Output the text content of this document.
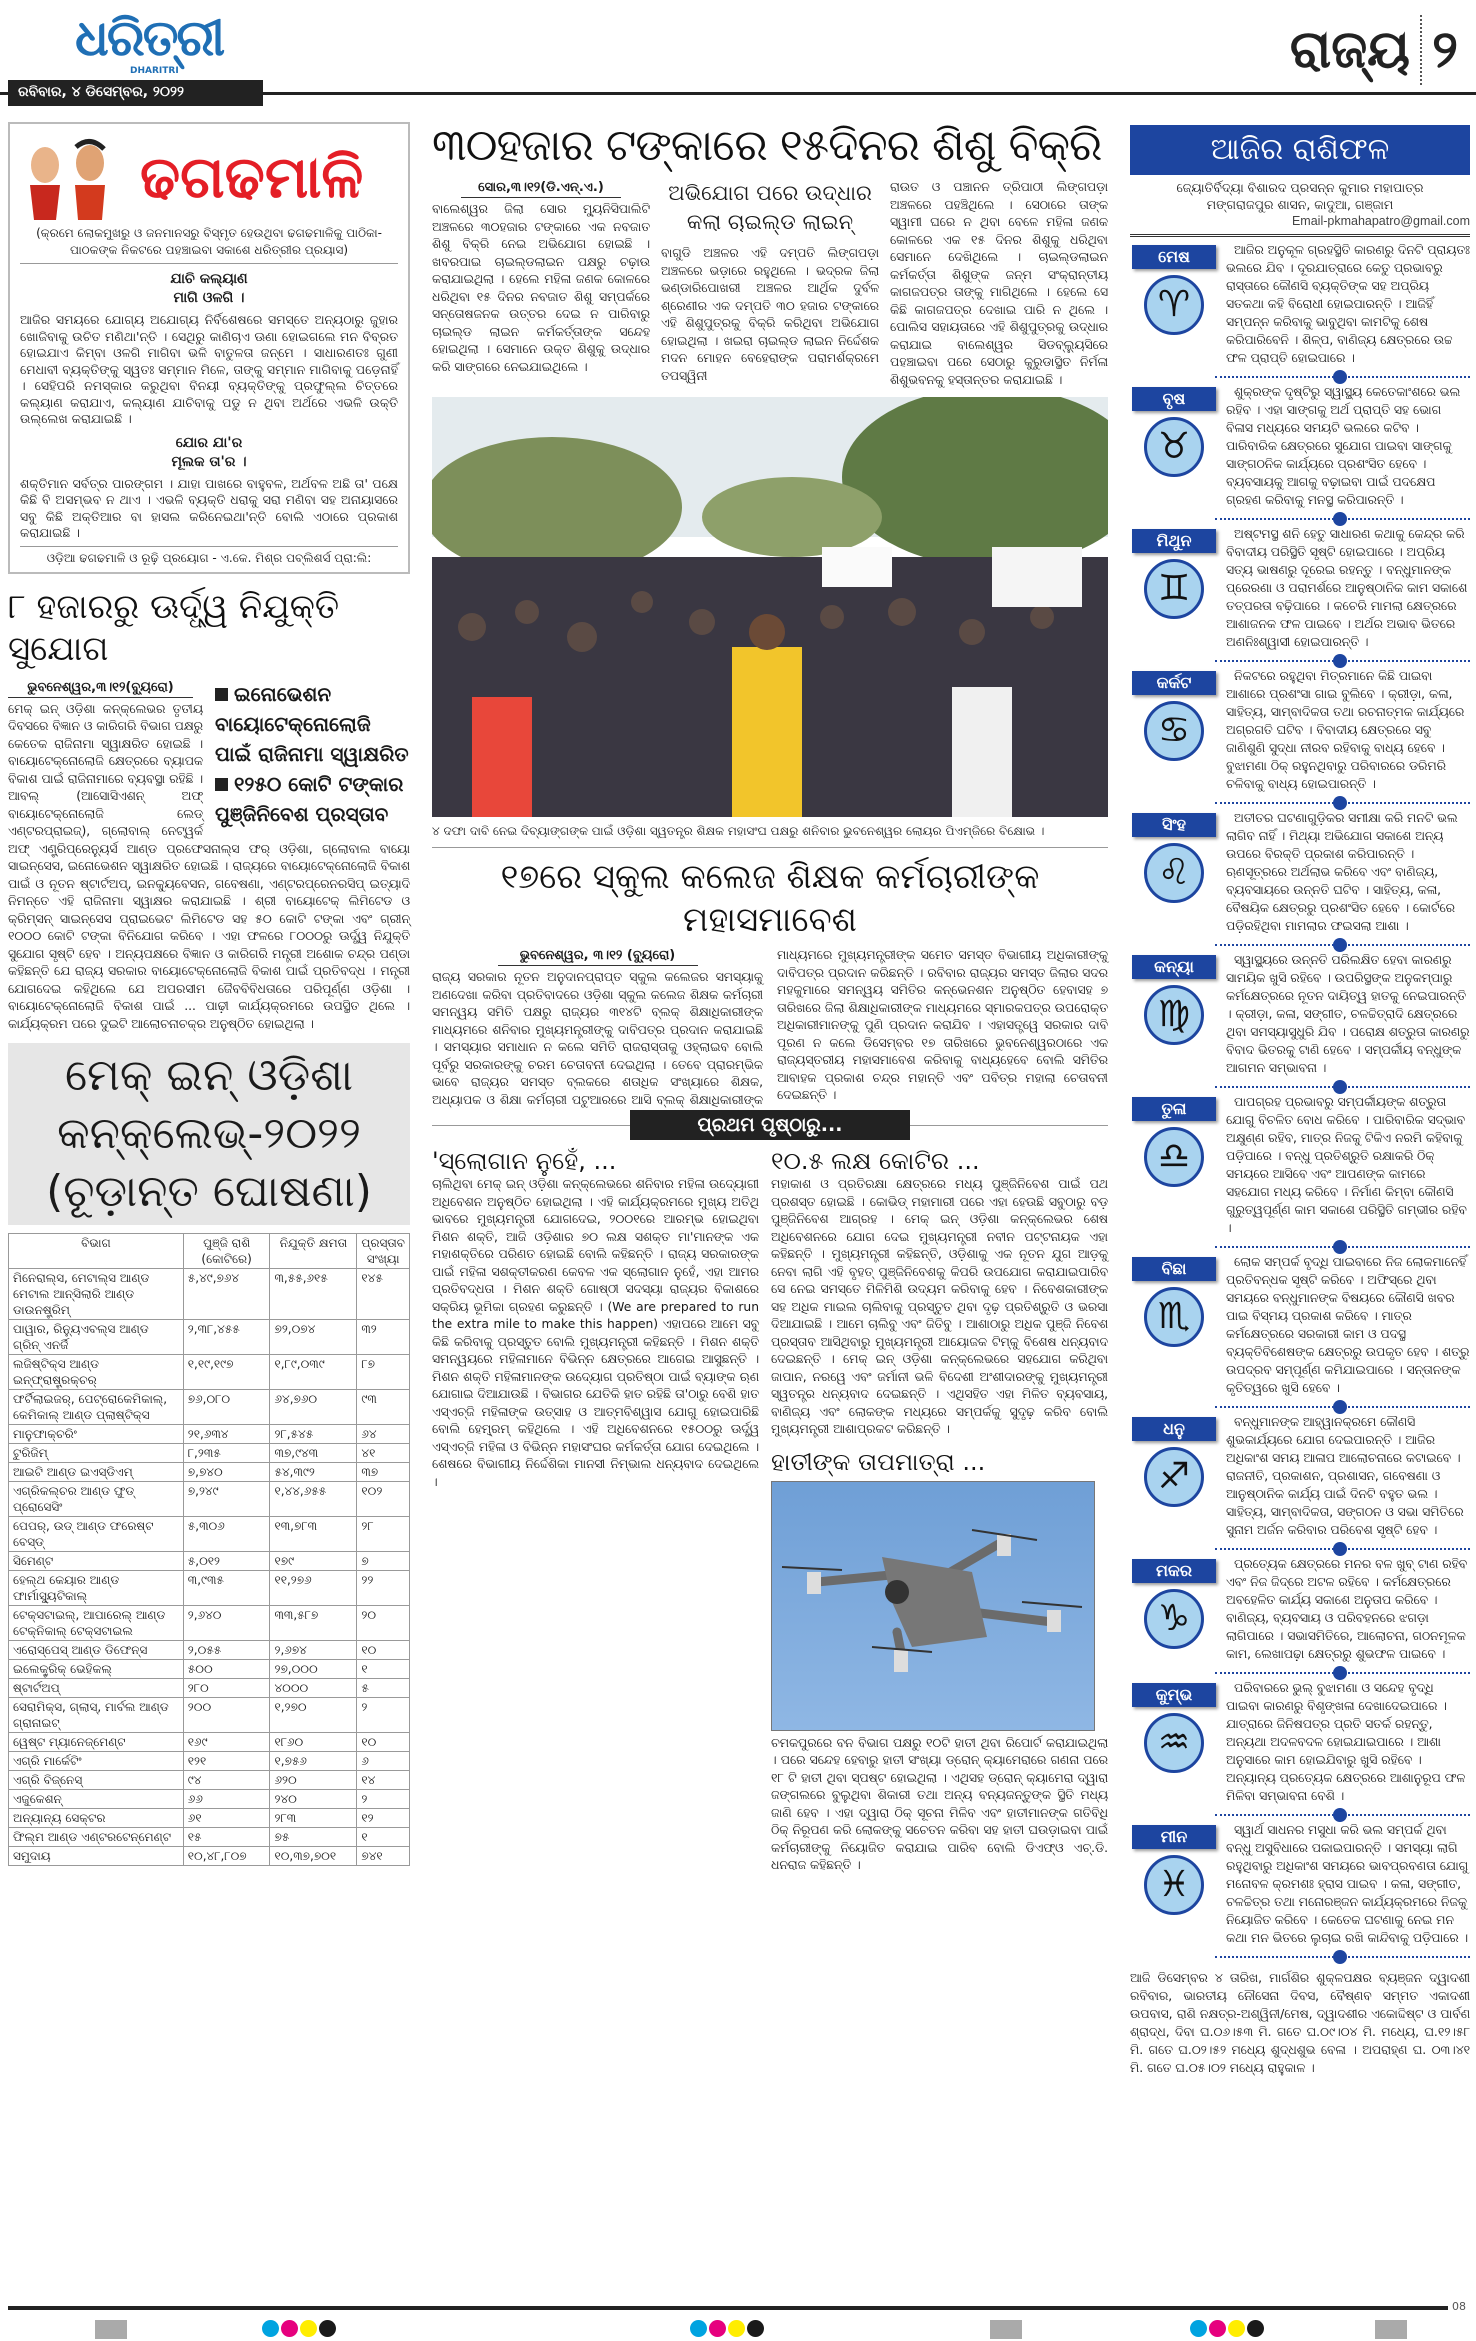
ଧରିତ୍ରୀ
DHARITRI
ରବିବାର, ୪ ଡିସେମ୍ବର, ୨୦୨୨
ରାଜ୍ୟ ୨
ଢଗଢମାଳି
(କ୍ରମେ ଲୋକମୁଖରୁ ଓ ଜନମାନସରୁ ବିସ୍ମୃତ ହେଉଥିବା ଢଗଢମାଳିକୁ ପାଠିକା-ପାଠକଙ୍କ ନିକଟରେ ପହଞ୍ଚାଇବା ସକାଶେ ଧରିତ୍ରୀର ପ୍ରୟାସ)
ଯାଚି କଲ୍ୟାଣ
ମାଗି ଓଳଗି ।

ଆଜିର ସମୟରେ ଯୋଗ୍ୟ ଅଯୋଗ୍ୟ ନିର୍ବିଶେଷରେ ସମସ୍ତେ ଅନ୍ୟଠାରୁ ଜୁହାର ଖୋଜିବାକୁ ଉଚିତ ମଣିଥା'ନ୍ତି । ସେଥିରୁ କାଣିଚାଏ ଊଣା ହୋଇଗଲେ ମନ ବିବ୍ରତ ହୋଇଯାଏ କିମ୍ବା ଓଳଗି ମାଗିବା ଭଳି ବାତୁଳତା ଜନ୍ମେ । ସାଧାରଣତଃ ଗୁଣୀ ମେଧାବୀ ବ୍ୟକ୍ତିଙ୍କୁ ସ୍ୱତଃ ସମ୍ମାନ ମିଳେ, ତାଙ୍କୁ ସମ୍ମାନ ମାଗିବାକୁ ପଡ଼େନାହିଁ । ସେହିପରି ନମସ୍କାର କରୁଥିବା ବିନୟୀ ବ୍ୟକ୍ତିଙ୍କୁ ପ୍ରଫୁଲ୍ଲ ଚିତ୍ତରେ କଲ୍ୟାଣ କରାଯାଏ, କଲ୍ୟାଣ ଯାଚିବାକୁ ପଡୁ ନ ଥିବା ଅର୍ଥରେ ଏଭଳି ଉକ୍ତି ଉଲ୍ଲେଖ କରାଯାଇଛି ।

ଯୋର ଯା'ର
ମୂଲକ ତା'ର ।

ଶକ୍ତିମାନ ସର୍ବତ୍ର ପାରଙ୍ଗମ । ଯାହା ପାଖରେ ବାହୁବଳ, ଅର୍ଥବଳ ଅଛି ତା' ପକ୍ଷେ କିଛି ବି ଅସମ୍ଭବ ନ ଥାଏ । ଏଭଳି ବ୍ୟକ୍ତି ଧରାକୁ ସରା ମଣିବା ସହ ଅନାୟାସରେ ସବୁ କିଛି ଅକ୍ତିଆର ବା ହାସଲ କରିନେଇଥା'ନ୍ତି ବୋଲି ଏଠାରେ ପ୍ରକାଶ କରାଯାଇଛି ।

ଓଡ଼ିଆ ଢଗଢମାଳି ଓ ରୂଢ଼ି ପ୍ରୟୋଗ - ଏ.କେ. ମିଶ୍ର ପବ୍ଲିଶର୍ସ ପ୍ରା:ଲି:
୮ ହଜାରରୁ ଊର୍ଦ୍ଧ୍ୱ ନିଯୁକ୍ତି ସୁଯୋଗ
ଇନୋଭେଶନ ବାୟୋଟେକ୍ନୋଲୋଜି ପାଇଁ ରାଜିନାମା ସ୍ୱାକ୍ଷରିତ
୧୨୫୦ କୋଟି ଟଙ୍କାର ପୁଞ୍ଜିନିବେଶ ପ୍ରସ୍ତାବ
ଭୁବନେଶ୍ୱର,୩।୧୨(ବ୍ୟୁରୋ)
ମେକ୍ ଇନ୍ ଓଡ଼ିଶା କନ୍‌କ୍ଲେଭର ତୃତୀୟ ଦିବସରେ ବିଜ୍ଞାନ ଓ କାରିଗରି ବିଭାଗ ପକ୍ଷରୁ କେତେକ ରାଜିନାମା ସ୍ୱାକ୍ଷରିତ ହୋଇଛି । ବାୟୋଟେକ୍ନୋଲୋଜି କ୍ଷେତ୍ରରେ ବ୍ୟାପକ ବିକାଶ ପାଇଁ ରାଜିନାମାରେ ବ୍ୟବସ୍ଥା ରହିଛି । ଆବଲ୍ (ଆସୋସିଏଶନ୍ ଅଫ୍ ବାୟୋଟେକ୍ନୋଲୋଜି ଲେଡ୍ ଏଣ୍ଟରପ୍ରାଇଜ୍), ଗ୍ଲୋବାଲ୍ ନେଟ୍‌ୱର୍କ ଅଫ୍ ଏଣ୍ଟ୍ରିପ୍ରେନ୍ୟୁର୍ସ ଆଣ୍ଡ ପ୍ରଫେସନାଲ୍‌ସ ଫର୍ ଓଡ଼ିଶା, ଗ୍ଲୋବାଲ ବାୟୋ ସାଇନ୍‌ସେସ, ଇନୋଭେଶନ ସ୍ୱାକ୍ଷରିତ ହୋଇଛି । ରାଜ୍ୟରେ ବାୟୋଟେକ୍ନୋଲୋଜି ବିକାଶ ପାଇଁ ଓ ନୂତନ ଷ୍ଟାର୍ଟଅପ୍, ଇନକ୍ୟୁବେସନ, ଗବେଷଣା, ଏଣ୍ଟରପ୍ରେନରସିପ୍ ଇତ୍ୟାଦି ନିମନ୍ତେ ଏହି ରାଜିନାମା ସ୍ୱାକ୍ଷର କରାଯାଇଛି । ଶ୍ରୀ ବାୟୋଟେକ୍ ଲିମିଟେଡ ଓ କ୍ରିମ୍ସନ୍ ସାଇନ୍ସେସ ପ୍ରାଇଭେଟ ଲିମିଟେଡ ସହ ୫୦ କୋଟି ଟଙ୍କା ଏବଂ ଗ୍ରୀନ୍ ୧୦୦୦ କୋଟି ଟଙ୍କା ବିନିଯୋଗ କରିବେ । ଏହା ଫଳରେ ୮୦୦୦ରୁ ଊର୍ଦ୍ଧ୍ୱ ନିଯୁକ୍ତି ସୁଯୋଗ ସୃଷ୍ଟି ହେବ । ଅନ୍ୟପକ୍ଷରେ ବିଜ୍ଞାନ ଓ କାରିଗରି ମନ୍ତ୍ରୀ ଅଶୋକ ଚନ୍ଦ୍ର ପଣ୍ଡା କହିଛନ୍ତି ଯେ ରାଜ୍ୟ ସରକାର ବାୟୋଟେକ୍ନୋଲୋଜି ବିକାଶ ପାଇଁ ପ୍ରତିବଦ୍ଧ । ମନ୍ତ୍ରୀ ଯୋଗଦେଇ କହିଥିଲେ ଯେ ଅପରସୀମ ଜୈବବିବିଧତାରେ ପରିପୂର୍ଣ୍ଣ ଓଡ଼ିଶା । ବାୟୋଟେକ୍ନୋଲୋଜି ବିକାଶ ପାଇଁ ... ପାଢ଼ୀ କାର୍ଯ୍ୟକ୍ରମରେ ଉପସ୍ଥିତ ଥିଲେ । କାର୍ଯ୍ୟକ୍ରମ ପରେ ଦୁଇଟି ଆଲୋଚନାଚକ୍ର ଅନୁଷ୍ଠିତ ହୋଇଥିଲା ।
ମେକ୍ ଇନ୍ ଓଡ଼ିଶା
କନ୍‌କ୍ଲେଭ୍-୨୦୨୨
(ଚୂଡ଼ାନ୍ତ ଘୋଷଣା)
ବିଭାଗ	ପୁଞ୍ଜି ରାଶି (କୋଟିରେ)	ନିଯୁକ୍ତି କ୍ଷମତା	ପ୍ରସ୍ତାବ ସଂଖ୍ୟା
ମିନେରାଲ୍ସ, ମେଟାଲ୍ସ ଆଣ୍ଡ ମେଟାଲ ଆନ୍ସିଲାରି ଆଣ୍ଡ ଡାଉନଷ୍ଟ୍ରିମ୍	୫,୪୯,୭୬୪	୩,୫୫,୬୧୫	୧୪୫
ପାୱାର, ରିନ୍ୟୁଏବଲ୍ସ ଆଣ୍ଡ ଗ୍ରିନ୍ ଏନର୍ଜି	୨,୩୮,୪୫୫	୭୨,୦୭୪	୩୨
ଲଜିଷ୍ଟିକ୍ସ ଆଣ୍ଡ ଇନ୍‌ଫ୍ରାଷ୍ଟ୍ରକ୍ଚର୍	୧,୧୯,୧୯୭	୧,୮୯,୦୩୯	୮୭
ଫର୍ଟିଲାଇଜର୍, ପେଟ୍ରୋକେମିକାଲ୍, କେମିକାଲ୍ ଆଣ୍ଡ ପ୍ଲାଷ୍ଟିକ୍ସ	୭୬,୦୮୦	୬୪,୭୬୦	୯୩
ମାନୁଫାକ୍ଚରିଂ	୨୧,୬୩୪	୨୮,୫୪୫	୬୪
ଟୁରିଜିମ୍	୮,୨୩୫	୩୭,୯୪୩	୪୧
ଆଇଟି ଆଣ୍ଡ ଇଏସ୍‌ଡିଏମ୍	୭,୭୪୦	୫୪,୩୯୨	୩୭
ଏଗ୍ରିକଲ୍ଚର ଆଣ୍ଡ ଫୁଡ୍ ପ୍ରୋସେସିଂ	୭,୨୪୯	୧,୪୪,୬୫୫	୧୦୨
ପେପର୍, ଉଡ୍ ଆଣ୍ଡ ଫରେଷ୍ଟ ବେସ୍‌ଡ୍	୫,୩୦୬	୧୩,୭୮୩	୨୮
ସିମେଣ୍ଟ	୫,୦୧୨	୧୭୯	୭
ହେଲ୍‌ଥ କେୟାର ଆଣ୍ଡ ଫାର୍ମାସ୍ୟୁଟିକାଲ୍	୩,୯୩୫	୧୧,୨୭୬	୨୨
ଟେକ୍ସଟାଇଲ୍, ଆପାରେଲ୍ ଆଣ୍ଡ ଟେକ୍ନିକାଲ୍ ଟେକ୍ସଟାଇଲ	୨,୬୪୦	୩୩,୫୮୭	୨୦
ଏରୋସ୍ପେସ୍ ଆଣ୍ଡ ଡିଫେନ୍ସ	୨,୦୫୫	୨,୬୭୪	୧୦
ଇଲେକ୍ଟ୍ରିକ୍ ଭେହିକଲ୍	୫୦୦	୨୭,୦୦୦	୧
ଷ୍ଟାର୍ଟଅପ୍	୨୮୦	୪୦୦୦	୫
ସେରାମିକ୍ସ, ଗ୍ଲାସ୍, ମାର୍ବଲ ଆଣ୍ଡ ଗ୍ରାନାଇଟ୍	୨୦୦	୧,୨୭୦	୨
ୱେଷ୍ଟ ମ୍ୟାନେଜ୍‌ମେଣ୍ଟ	୧୬୯	୧୮୬୦	୧୦
ଏଗ୍ରି ମାର୍କେଟିଂ	୧୨୧	୧,୭୫୬	୬
ଏଗ୍ରି ବିଜ୍‌ନେସ୍	୯୪	୬୨୦	୧୪
ଏଜୁକେଶନ୍	୬୬	୨୪୦	୨
ଅନ୍ୟାନ୍ୟ ସେକ୍ଟର	୬୧	୨୮୩	୧୨
ଫିଲ୍ମ ଆଣ୍ଡ ଏଣ୍ଟରଟେନ୍‌ମେଣ୍ଟ	୧୫	୭୫	୧
ସମୁଦାୟ	୧୦,୪୮,୮୦୭	୧୦,୩୭,୭୦୧	୭୪୧
୩୦ହଜାର ଟଙ୍କାରେ ୧୫ଦିନର ଶିଶୁ ବିକ୍ରି
ସୋର,୩।୧୨(ଡି.ଏନ୍.ଏ.)
ବାଲେଶ୍ୱର ଜିଲା ସୋର ମ୍ୟୁନିସିପାଲିଟି ଅଞ୍ଚଳରେ ୩୦ହଜାର ଟଙ୍କାରେ ଏକ ନବଜାତ ଶିଶୁ ବିକ୍ରି ନେଇ ଅଭିଯୋଗ ହୋଇଛି । ଖବରପାଇ ଚାଇଲ୍ଡଲାଇନ ପକ୍ଷରୁ ଚଢ଼ାଉ କରାଯାଇଥିଲା । ହେଲେ ମହିଳା ଜଣକ କୋଳରେ ଧରିଥିବା ୧୫ ଦିନର ନବଜାତ ଶିଶୁ ସମ୍ପର୍କରେ ସନ୍ତୋଷଜନକ ଉତ୍ତର ଦେଇ ନ ପାରିବାରୁ ଚାଇଲ୍ଡ ଲାଇନ କର୍ମକର୍ତ୍ତାଙ୍କ ସନ୍ଦେହ ହୋଇଥିଲା । ସେମାନେ ଉକ୍ତ ଶିଶୁକୁ ଉଦ୍ଧାର କରି ସାଙ୍ଗରେ ନେଇଯାଇଥିଲେ ।
ଅଭିଯୋଗ ପରେ ଉଦ୍ଧାର କଲା ଚାଇଲ୍ଡ ଲାଇନ୍
ବାଗୁଡି ଅଞ୍ଚଳର ଏହି ଦମ୍ପତି ଲିଙ୍ଗପଡ଼ା ଅଞ୍ଚଳରେ ଭଡ଼ାରେ ରହୁଥିଲେ । ଭଦ୍ରକ ଜିଲା ଭଣ୍ଡାରିପୋଖରୀ ଅଞ୍ଚଳର ଆର୍ଥିକ ଦୁର୍ବଳ ଶ୍ରେଣୀର ଏକ ଦମ୍ପତି ୩୦ ହଜାର ଟଙ୍କାରେ ଏହି ଶିଶୁପୁତ୍ରକୁ ବିକ୍ରି କରିଥିବା ଅଭିଯୋଗ ହୋଇଥିଲା । ଖଇରା ଚାଇଲ୍ଡ ଲାଇନ ନିର୍ଦ୍ଦେଶକ ମଦନ ମୋହନ ବେହେରାଙ୍କ ପରାମର୍ଶକ୍ରମେ ତପସ୍ୱିନୀ
ରାଉତ ଓ ପଞ୍ଚାନନ ତ୍ରିପାଠୀ ଲିଙ୍ଗପଡ଼ା ଅଞ୍ଚଳରେ ପହଞ୍ଚିଥିଲେ । ସେଠାରେ ତାଙ୍କ ସ୍ୱାମୀ ଘରେ ନ ଥିବା ବେଳେ ମହିଳା ଜଣକ କୋଳରେ ଏକ ୧୫ ଦିନର ଶିଶୁକୁ ଧରିଥିବା ସେମାନେ ଦେଖିଥିଲେ । ଚାଇଲ୍ଡଲାଇନ କର୍ମକର୍ତ୍ତା ଶିଶୁଙ୍କ ଜନ୍ମ ସଂକ୍ରାନ୍ତୀୟ କାଗଜପତ୍ର ତାଙ୍କୁ ମାଗିଥିଲେ । ହେଲେ ସେ କିଛି କାଗଜପତ୍ର ଦେଖାଇ ପାରି ନ ଥିଲେ । ପୋଲିସ ସହାୟତାରେ ଏହି ଶିଶୁପୁତ୍ରକୁ ଉଦ୍ଧାର କରାଯାଇ ବାଲେଶ୍ୱର ସିଡବ୍ଲ୍ୟୁସିରେ ପହଞ୍ଚାଇବା ପରେ ସେଠାରୁ କୁରୁଡାସ୍ଥିତ ନିର୍ମଳା ଶିଶୁଭବନକୁ ହସ୍ତାନ୍ତର କରାଯାଇଛି ।
୪ ଦଫା ଦାବି ନେଇ ଦିବ୍ୟାଙ୍ଗଙ୍କ ପାଇଁ ଓଡ଼ିଶା ସ୍ୱତନ୍ତ୍ର ଶିକ୍ଷକ ମହାସଂଘ ପକ୍ଷରୁ ଶନିବାର ଭୁବନେଶ୍ୱର ଲୋୟର ପିଏମ୍‌ଜିରେ ବିକ୍ଷୋଭ ।
୧୭ରେ ସ୍କୁଲ କଲେଜ ଶିକ୍ଷକ କର୍ମଚାରୀଙ୍କ ମହାସମାବେଶ
ଭୁବନେଶ୍ୱର, ୩।୧୨ (ବ୍ୟୁରୋ)
ରାଜ୍ୟ ସରକାର ନୂତନ ଅନୁଦାନପ୍ରାପ୍ତ ସ୍କୁଲ କଲେଜର ସମସ୍ୟାକୁ ଅଣଦେଖା କରିବା ପ୍ରତିବାଦରେ ଓଡ଼ିଶା ସ୍କୁଲ କଲେଜ ଶିକ୍ଷକ କର୍ମଚାରୀ ସମନ୍ୱୟ ସମିତି ପକ୍ଷରୁ ରାଜ୍ୟର ୩୧୪ଟି ବ୍ଲକ୍ ଶିକ୍ଷାଧିକାରୀଙ୍କ ମାଧ୍ୟମରେ ଶନିବାର ମୁଖ୍ୟମନ୍ତ୍ରୀଙ୍କୁ ଦାବିପତ୍ର ପ୍ରଦାନ କରାଯାଇଛି । ସମସ୍ୟାର ସମାଧାନ ନ କଲେ ସମିତି ରାଜରାସ୍ତାକୁ ଓହ୍ଲାଇବ ବୋଲି ପୂର୍ବରୁ ସରକାରଙ୍କୁ ଚରମ ଚେତାବନୀ ଦେଇଥିଲା । ତେବେ ପ୍ରାରମ୍ଭିକ ଭାବେ ରାଜ୍ୟର ସମସ୍ତ ବ୍ଲକରେ ଶତାଧିକ ସଂଖ୍ୟାରେ ଶିକ୍ଷକ, ଅଧ୍ୟାପକ ଓ ଶିକ୍ଷା କର୍ମଚାରୀ ପଟୁଆରରେ ଆସି ବ୍ଲକ୍ ଶିକ୍ଷାଧିକାରୀଙ୍କ ମାଧ୍ୟମରେ ମୁଖ୍ୟମନ୍ତ୍ରୀଙ୍କ ସମେତ ସମସ୍ତ ବିଭାଗୀୟ ଅଧିକାରୀଙ୍କୁ ଦାବିପତ୍ର ପ୍ରଦାନ କରିଛନ୍ତି । ରବିବାର ରାଜ୍ୟର ସମସ୍ତ ଜିଲାର ସଦର ମହକୁମାରେ ସମନ୍ୱୟ ସମିତିର କନ୍‌ଭେନଶନ ଅନୁଷ୍ଠିତ ହେବାସହ ୭ ତାରିଖରେ ଜିଲା ଶିକ୍ଷାଧିକାରୀଙ୍କ ମାଧ୍ୟମରେ ସ୍ମାରକପତ୍ର ଉପରୋକ୍ତ ଅଧିକାରୀମାନଙ୍କୁ ପୁଣି ପ୍ରଦାନ କରାଯିବ । ଏହାସତ୍ତ୍ୱେ ସରକାର ଦାବି ପୂରଣ ନ କଲେ ଡିସେମ୍ବର ୧୭ ତାରିଖରେ ଭୁବନେଶ୍ୱରଠାରେ ଏକ ରାଜ୍ୟସ୍ତରୀୟ ମହାସମାବେଶ କରିବାକୁ ବାଧ୍ୟହେବେ ବୋଲି ସମିତିର ଆବାହକ ପ୍ରକାଶ ଚନ୍ଦ୍ର ମହାନ୍ତି ଏବଂ ପବିତ୍ର ମହାଲା ଚେତାବନୀ ଦେଇଛନ୍ତି ।
ପ୍ରଥମ ପୃଷ୍ଠାରୁ...
'ସ୍ଲୋଗାନ ନୁହେଁ, ...
ଚାଲିଥିବା ମେକ୍ ଇନ୍ ଓଡ଼ିଶା କନ୍‌କ୍ଲେଭରେ ଶନିବାର ମହିଳା ଉଦ୍ୟୋଗୀ ଅଧିବେଶନ ଅନୁଷ୍ଠିତ ହୋଇଥିଲା । ଏହି କାର୍ଯ୍ୟକ୍ରମରେ ମୁଖ୍ୟ ଅତିଥି ଭାବରେ ମୁଖ୍ୟମନ୍ତ୍ରୀ ଯୋଗଦେଇ, ୨୦୦୧ରେ ଆରମ୍ଭ ହୋଇଥିବା ମିଶନ ଶକ୍ତି, ଆଜି ଓଡ଼ିଶାର ୭୦ ଲକ୍ଷ ସଶକ୍ତ ମା'ମାନଙ୍କ ଏକ ମହାଶକ୍ତିରେ ପରିଣତ ହୋଇଛି ବୋଲି କହିଛନ୍ତି । ରାଜ୍ୟ ସରକାରଙ୍କ ପାଇଁ ମହିଳା ସଶକ୍ତୀକରଣ କେବଳ ଏକ ସ୍ଲୋଗାନ ନୁହେଁ, ଏହା ଆମର ପ୍ରତିବଦ୍ଧତା । ମିଶନ ଶକ୍ତି ଗୋଷ୍ଠୀ ସଦସ୍ୟା ରାଜ୍ୟର ବିକାଶରେ ସକ୍ରିୟ ଭୂମିକା ଗ୍ରହଣ କରୁଛନ୍ତି । (We are prepared to run the extra mile to make this happen) ଏହାପରେ ଆମେ ସବୁ କିଛି କରିବାକୁ ପ୍ରସ୍ତୁତ ବୋଲି ମୁଖ୍ୟମନ୍ତ୍ରୀ କହିଛନ୍ତି । ମିଶନ ଶକ୍ତି ସମନ୍ୱୟରେ ମହିଳାମାନେ ବିଭିନ୍ନ କ୍ଷେତ୍ରରେ ଆଗେଇ ଆସୁଛନ୍ତି । ମିଶନ ଶକ୍ତି ମହିଳାମାନଙ୍କ ଉଦ୍ୟୋଗ ପ୍ରତିଷ୍ଠା ପାଇଁ ବ୍ୟାଙ୍କ ଋଣ ଯୋଗାଇ ଦିଆଯାଉଛି । ବିଭାଗର ଯେତିକି ହାତ ରହିଛି ତା'ଠାରୁ ବେଶି ହାତ ଏସ୍‌ଏଚ୍‌ଜି ମହିଳାଙ୍କ ଉତ୍ସାହ ଓ ଆତ୍ମବିଶ୍ୱାସ ଯୋଗୁ ହୋଇପାରିଛି ବୋଲି ହେମ୍ବ୍ରମ୍ କହିଥିଲେ । ଏହି ଅଧିବେଶନରେ ୧୫୦୦ରୁ ଊର୍ଦ୍ଧ୍ୱ ଏସ୍‌ଏଚ୍‌ଜି ମହିଳା ଓ ବିଭିନ୍ନ ମହାସଂଘର କର୍ମକର୍ତ୍ତା ଯୋଗ ଦେଇଥିଲେ । ଶେଷରେ ବିଭାଗୀୟ ନିର୍ଦ୍ଦେଶିକା ମାନସୀ ନିମ୍ଭାଲ ଧନ୍ୟବାଦ ଦେଇଥିଲେ ।
୧୦.୫ ଲକ୍ଷ କୋଟିର ...
ମହାକାଶ ଓ ପ୍ରତିରକ୍ଷା କ୍ଷେତ୍ରରେ ମଧ୍ୟ ପୁଞ୍ଜିନିବେଶ ପାଇଁ ପଥ ପ୍ରଶସ୍ତ ହୋଇଛି । କୋଭିଡ୍ ମହାମାରୀ ପରେ ଏହା ହେଉଛି ସବୁଠାରୁ ବଡ଼ ପୁଞ୍ଜିନିବେଶ ଆଗ୍ରହ । ମେକ୍ ଇନ୍ ଓଡ଼ିଶା କନ୍‌କ୍ଲେଭର ଶେଷ ଅଧିବେଶନରେ ଯୋଗ ଦେଇ ମୁଖ୍ୟମନ୍ତ୍ରୀ ନବୀନ ପଟ୍ଟନାୟକ ଏହା କହିଛନ୍ତି । ମୁଖ୍ୟମନ୍ତ୍ରୀ କହିଛନ୍ତି, ଓଡ଼ିଶାକୁ ଏକ ନୂତନ ଯୁଗ ଆଡ଼କୁ ନେବା ଲାଗି ଏହି ବୃହତ୍ ପୁଞ୍ଜିନିବେଶକୁ କିପରି ଉପଯୋଗ କରାଯାଇପାରିବ ସେ ନେଇ ସମସ୍ତେ ମିଳିମିଶି ଉଦ୍ୟମ କରିବାକୁ ହେବ । ନିବେଶକାରୀଙ୍କ ସହ ଅଧିକ ମାଇଲ ଚାଲିବାକୁ ପ୍ରସ୍ତୁତ ଥିବା ଦୃଢ଼ ପ୍ରତିଶ୍ରୁତି ଓ ଭରସା ଦିଆଯାଇଛି । ଆମେ ଚାଲିବୁ ଏବଂ ଜିତିବୁ । ଆଶାଠାରୁ ଅଧିକ ପୁଞ୍ଜି ନିବେଶ ପ୍ରସ୍ତାବ ଆସିଥିବାରୁ ମୁଖ୍ୟମନ୍ତ୍ରୀ ଆୟୋଜକ ଟିମ୍‌କୁ ବିଶେଷ ଧନ୍ୟବାଦ ଦେଇଛନ୍ତି । ମେକ୍ ଇନ୍ ଓଡ଼ିଶା କନ୍‌କ୍ଲେଭରେ ସହଯୋଗ କରିଥିବା ଜାପାନ, ନରୱେ ଏବଂ ଜର୍ମାନୀ ଭଳି ବିଦେଶୀ ଅଂଶୀଦାରଙ୍କୁ ମୁଖ୍ୟମନ୍ତ୍ରୀ ସ୍ୱତନ୍ତ୍ର ଧନ୍ୟବାଦ ଦେଇଛନ୍ତି । ଏଥିସହିତ ଏହା ମିଳିତ ବ୍ୟବସାୟ, ବାଣିଜ୍ୟ ଏବଂ ଲୋକଙ୍କ ମଧ୍ୟରେ ସମ୍ପର୍କକୁ ସୁଦୃଢ଼ କରିବ ବୋଲି ମୁଖ୍ୟମନ୍ତ୍ରୀ ଆଶାପ୍ରକଟ କରିଛନ୍ତି ।
ହାତୀଙ୍କ ତାପମାତ୍ରା ...
ଚମକପୁରରେ ବନ ବିଭାଗ ପକ୍ଷରୁ ୧୦ଟି ହାତୀ ଥିବା ରିପୋର୍ଟ କରାଯାଇଥିଲା । ପରେ ସନ୍ଦେହ ହେବାରୁ ହାତୀ ସଂଖ୍ୟା ଡ୍ରୋନ୍ କ୍ୟାମେରାରେ ଗଣନା ପରେ ୧୮ ଟି ହାତୀ ଥିବା ସ୍ପଷ୍ଟ ହୋଇଥିଲା । ଏଥିସହ ଡ୍ରୋନ୍ କ୍ୟାମେରା ଦ୍ୱାରା ଜଙ୍ଗଲରେ ବୁଲୁଥିବା ଶିକାରୀ ତଥା ଅନ୍ୟ ବନ୍ୟଜନ୍ତୁଙ୍କ ସ୍ଥିତି ମଧ୍ୟ ଜାଣି ହେବ । ଏହା ଦ୍ୱାରା ଠିକ୍ ସୂଚନା ମିଳିବ ଏବଂ ହାତୀମାନଙ୍କ ଗତିବିଧି ଠିକ୍ ନିରୂପଣ କରି ଲୋକଙ୍କୁ ସଚେତନ କରିବା ସହ ହାତୀ ଘଉଡ଼ାଇବା ପାଇଁ କର୍ମଚାରୀଙ୍କୁ ନିୟୋଜିତ କରାଯାଇ ପାରିବ ବୋଲି ଡିଏଫ୍‌ଓ ଏଚ୍.ଡି. ଧନରାଜ କହିଛନ୍ତି ।
ଆଜିର ରାଶିଫଳ
ଜ୍ୟୋତିର୍ବିଦ୍ୟା ବିଶାରଦ ପ୍ରସନ୍ନ କୁମାର ମହାପାତ୍ର
ମଙ୍ଗରାଜପୁର ଶାସନ, କାଦୁଆ, ଗଞ୍ଜାମ
Email-pkmahapatro@gmail.com
ମେଷ
♈
ଆଜିର ଅନୁକୂଳ ଗ୍ରହସ୍ଥିତି କାରଣରୁ ଦିନଟି ପ୍ରାୟତଃ ଭଲରେ ଯିବ । ଦୂରଯାତ୍ରାରେ କେତୁ ପ୍ରଭାବରୁ ରାସ୍ତାରେ କୌଣସି ବ୍ୟକ୍ତିଙ୍କ ସହ ଅପ୍ରିୟ ସତକଥା କହି ବିରୋଧୀ ହୋଇପାରନ୍ତି । ଆଜିହିଁ ସମ୍ପନ୍ନ କରିବାକୁ ଭାବୁଥିବା କାମଟିକୁ ଶେଷ କରିପାରିବେନି । ଶିଳ୍ପ, ବାଣିଜ୍ୟ କ୍ଷେତ୍ରରେ ଉଚ୍ଚ ଫଳ ପ୍ରାପ୍ତି ହୋଇପାରେ ।
ବୃଷ
♉
ଶୁକ୍ରଙ୍କ ଦୃଷ୍ଟିରୁ ସ୍ୱାସ୍ଥ୍ୟ କେତେକାଂଶରେ ଭଲ ରହିବ । ଏହା ସାଙ୍ଗକୁ ଅର୍ଥ ପ୍ରାପ୍ତି ସହ ଭୋଗ ବିଳାସ ମଧ୍ୟରେ ସମୟଟି ଭଲରେ କଟିବ । ପାରିବାରିକ କ୍ଷେତ୍ରରେ ସୁଯୋଗ ପାଇବା ସାଙ୍ଗକୁ ସାଙ୍ଗଠନିକ କାର୍ଯ୍ୟରେ ପ୍ରଶଂସିତ ହେବେ । ବ୍ୟବସାୟକୁ ଆଗକୁ ବଢ଼ାଇବା ପାଇଁ ପଦକ୍ଷେପ ଗ୍ରହଣ କରିବାକୁ ମନସ୍ଥ କରିପାରନ୍ତି ।
ମିଥୁନ
♊
ଅଷ୍ଟମସ୍ଥ ଶନି ହେତୁ ସାଧାରଣ କଥାକୁ କେନ୍ଦ୍ର କରି ବିବାଦୀୟ ପରିସ୍ଥିତି ସୃଷ୍ଟି ହୋଇପାରେ । ଅପ୍ରିୟ ସତ୍ୟ ଭାଷଣରୁ ଦୂରେଇ ରହନ୍ତୁ । ବନ୍ଧୁମାନଙ୍କ ପ୍ରେରଣା ଓ ପରାମର୍ଶରେ ଆନୁଷ୍ଠାନିକ କାମ ସକାଶେ ତତ୍ପରତା ବଢ଼ିପାରେ । କଚେରି ମାମଲା କ୍ଷେତ୍ରରେ ଆଶାଜନକ ଫଳ ପାଇବେ । ଅର୍ଥର ଅଭାବ ଭିତରେ ଅଣନିଃଶ୍ୱାସୀ ହୋଇପାରନ୍ତି ।
କର୍କଟ
♋
ନିକଟରେ ରହୁଥିବା ମିତ୍ରମାନେ କିଛି ପାଇବା ଆଶାରେ ପ୍ରଶଂସା ଗାଇ ବୁଲିବେ । କ୍ରୀଡ଼ା, କଳା, ସାହିତ୍ୟ, ସାମ୍ବାଦିକତା ତଥା ରଚନାତ୍ମକ କାର୍ଯ୍ୟରେ ଅଗ୍ରଗତି ଘଟିବ । ବିବାଦୀୟ କ୍ଷେତ୍ରରେ ସବୁ ଜାଣିଶୁଣି ସୁଦ୍ଧା ନୀରବ ରହିବାକୁ ବାଧ୍ୟ ହେବେ । ବୁଝାମଣା ଠିକ୍ ରହୁନଥିବାରୁ ପରିବାରରେ ଡରିମରି ଚଳିବାକୁ ବାଧ୍ୟ ହୋଇପାରନ୍ତି ।
ସିଂହ
♌
ଅତୀତର ଘଟଣାଗୁଡ଼ିକର ସମୀକ୍ଷା କରି ମନଟି ଭଲ ଲାଗିବ ନାହିଁ । ମିଥ୍ୟା ଅଭିଯୋଗ ସକାଶେ ଅନ୍ୟ ଉପରେ ବିରକ୍ତି ପ୍ରକାଶ କରିପାରନ୍ତି । ଋଣସୂତ୍ରରେ ଅର୍ଥଲାଭ କରିବେ ଏବଂ ବାଣିଜ୍ୟ, ବ୍ୟବସାୟରେ ଉନ୍ନତି ଘଟିବ । ସାହିତ୍ୟ, କଳା, ବୈଷୟିକ କ୍ଷେତ୍ରରୁ ପ୍ରଶଂସିତ ହେବେ । କୋର୍ଟରେ ପଡ଼ିରହିଥିବା ମାମଲାର ଫଇସଲା ଆଶା ।
କନ୍ୟା
♍
ସ୍ୱାସ୍ଥ୍ୟରେ ଉନ୍ନତି ପରିଲକ୍ଷିତ ହେବା କାରଣରୁ ସାମୟିକ ଖୁସି ରହିବେ । ଉପରିସ୍ଥଙ୍କ ଅନୁକମ୍ପାରୁ କର୍ମକ୍ଷେତ୍ରରେ ନୂତନ ଦାୟିତ୍ୱ ହାତକୁ ନେଇପାରନ୍ତି । କ୍ରୀଡ଼ା, କଳା, ସଙ୍ଗୀତ, ଚଳଚ୍ଚିତ୍ରାଦି କ୍ଷେତ୍ରରେ ଥିବା ସମସ୍ୟାସୁଧୁରି ଯିବ । ପରୋକ୍ଷ ଶତ୍ରୁତା କାରଣରୁ ବିବାଦ ଭିତରକୁ ଟାଣି ହେବେ । ସମ୍ପର୍କୀୟ ବନ୍ଧୁଙ୍କ ଆଗମନ ସମ୍ଭାବନା ।
ତୁଳା
♎
ପାପଗ୍ରହ ପ୍ରଭାବରୁ ସମ୍ପର୍କୀୟଙ୍କ ଶତ୍ରୁତା ଯୋଗୁ ବିଚଳିତ ବୋଧ କରିବେ । ପାରିବାରିକ ସଦ୍ଭାବ ଅକ୍ଷୁଣ୍ଣ ରହିବ, ମାତ୍ର ନିଜକୁ ଟିକିଏ ନରମି କହିବାକୁ ପଡ଼ିପାରେ । ବନ୍ଧୁ ପ୍ରତିଶ୍ରୁତି ରକ୍ଷାକରି ଠିକ୍ ସମୟରେ ଆସିବେ ଏବଂ ଆପଣଙ୍କ କାମରେ ସହଯୋଗ ମଧ୍ୟ କରିବେ । ନିର୍ମାଣ କିମ୍ବା କୌଣସି ଗୁରୁତ୍ୱପୂର୍ଣ୍ଣ କାମ ସକାଶେ ପରିସ୍ଥିତି ଗମ୍ଭୀର ରହିବ ।
ବିଛା
♏
ଲୋକ ସମ୍ପର୍କ ବୃଦ୍ଧି ପାଇବାରେ ନିଜ ଲୋକମାନେହିଁ ପ୍ରତିବନ୍ଧକ ସୃଷ୍ଟି କରିବେ । ଅଫିସ୍‌ରେ ଥିବା ସମୟରେ ବନ୍ଧୁମାନଙ୍କ ବିଷୟରେ କୌଣସି ଖବର ପାଇ ବିସ୍ମୟ ପ୍ରକାଶ କରିବେ । ମାତ୍ର କର୍ମକ୍ଷେତ୍ରରେ ସରକାରୀ କାମ ଓ ପଦସ୍ଥ ବ୍ୟକ୍ତିବିଶେଷଙ୍କ କ୍ଷେତ୍ରରୁ ଉପକୃତ ହେବ । ଶତ୍ରୁ ଉପଦ୍ରବ ସମ୍ପୂର୍ଣ୍ଣ କମିଯାଇପାରେ । ସନ୍ତାନଙ୍କ କୃତିତ୍ୱରେ ଖୁସି ହେବେ ।
ଧନୁ
♐
ବନ୍ଧୁମାନଙ୍କ ଆହ୍ୱାନକ୍ରମେ କୌଣସି ଶୁଭକାର୍ଯ୍ୟରେ ଯୋଗ ଦେଇପାରନ୍ତି । ଆଜିର ଅଧିକାଂଶ ସମୟ ଆଳାପ ଆଲୋଚନାରେ କଟାଇବେ । ରାଜନୀତି, ପ୍ରକାଶନ, ପ୍ରଶାସନ, ଗବେଷଣା ଓ ଆନୁଷ୍ଠାନିକ କାର୍ଯ୍ୟ ପାଇଁ ଦିନଟି ବହୁତ ଭଲ । ସାହିତ୍ୟ, ସାମ୍ବାଦିକତା, ସଙ୍ଗଠନ ଓ ସଭା ସମିତିରେ ସୁନାମ ଅର୍ଜନ କରିବାର ପରିବେଶ ସୃଷ୍ଟି ହେବ ।
ମକର
♑
ପ୍ରତ୍ୟେକ କ୍ଷେତ୍ରରେ ମନର ବଳ ଖୁବ୍ ଟାଣ ରହିବ ଏବଂ ନିଜ ଜିଦ୍‌ରେ ଅଟଳ ରହିବେ । କର୍ମକ୍ଷେତ୍ରରେ ଅବହେଳିତ କାର୍ଯ୍ୟ ସକାଶେ ଅନୁତାପ କରିବେ । ବାଣିଜ୍ୟ, ବ୍ୟବସାୟ ଓ ପରିବହନରେ ଝଗଡ଼ା ଲାଗିପାରେ । ସଭାସମିତିରେ, ଆଲୋଚନା, ଗଠନମୂଳକ କାମ, ଲେଖାପଢ଼ା କ୍ଷେତ୍ରରୁ ଶୁଭଫଳ ପାଇବେ ।
କୁମ୍ଭ
♒
ପରିବାରରେ ଭୁଲ୍ ବୁଝାମଣା ଓ ସନ୍ଦେହ ବୃଦ୍ଧି ପାଇବା କାରଣରୁ ବିଶୃଙ୍ଖଳା ଦେଖାଦେଇପାରେ । ଯାତ୍ରାରେ ଜିନିଷପତ୍ର ପ୍ରତି ସତର୍କ ରହନ୍ତୁ, ଅନ୍ୟଥା ଅଦଳବଦଳ ହୋଇଯାଇପାରେ । ଆଶା ଅନୁସାରେ କାମ ହୋଇଯିବାରୁ ଖୁସି ରହିବେ । ଅନ୍ୟାନ୍ୟ ପ୍ରତ୍ୟେକ କ୍ଷେତ୍ରରେ ଆଶାନୁରୂପ ଫଳ ମିଳିବା ସମ୍ଭାବନା ବେଶି ।
ମୀନ
♓
ସ୍ୱାର୍ଥ ସାଧନର ମସୁଧା କରି ଭଲ ସମ୍ପର୍କ ଥିବା ବନ୍ଧୁ ଅସୁବିଧାରେ ପକାଇପାରନ୍ତି । ସମସ୍ୟା ଲାଗି ରହୁଥିବାରୁ ଅଧିକାଂଶ ସମୟରେ ଭାବପ୍ରବଣତା ଯୋଗୁ ମନୋବଳ କ୍ରମଶଃ ହ୍ରାସ ପାଇବ । କଳା, ସଙ୍ଗୀତ, ଚଳଚ୍ଚିତ୍ର ତଥା ମନୋରଞ୍ଜନ କାର୍ଯ୍ୟକ୍ରମରେ ନିଜକୁ ନିୟୋଜିତ କରିବେ । କେତେକ ଘଟଣାକୁ ନେଇ ମନ କଥା ମନ ଭିତରେ ଲୁଚାଇ ରଖି କାନ୍ଦିବାକୁ ପଡ଼ିପାରେ ।
ଆଜି ଡିସେମ୍ବର ୪ ତାରିଖ, ମାର୍ଗଶିର ଶୁକ୍ଳପକ୍ଷର ବ୍ୟଞ୍ଜନ ଦ୍ୱାଦଶୀ ରବିବାର, ଭାରତୀୟ ନୌସେନା ଦିବସ, ବୈଷ୍ଣବ ସମ୍ମତ ଏକାଦଶୀ ଉପବାସ, ରାଶି ନକ୍ଷତ୍ର-ଅଶ୍ୱିନୀ/ମେଷ, ଦ୍ୱାଦଶୀର ଏକୋଦ୍ଦିଷ୍ଟ ଓ ପାର୍ବଣ ଶ୍ରାଦ୍ଧ, ଦିବା ଘ.୦୬।୫୩ ମି. ଗତେ ଘ.୦୯।୦୪ ମି. ମଧ୍ୟେ, ଘ.୧୨।୫୮ ମି. ଗତେ ଘ.୦୨।୫୨ ମଧ୍ୟେ ଶୁଦ୍ଧଶୁଭ ବେଳା । ଅପରାହ୍ଣ ଘ. ୦୩।୪୧ ମି. ଗତେ ଘ.୦୫।୦୨ ମଧ୍ୟେ ରାହୁକାଳ ।
08
